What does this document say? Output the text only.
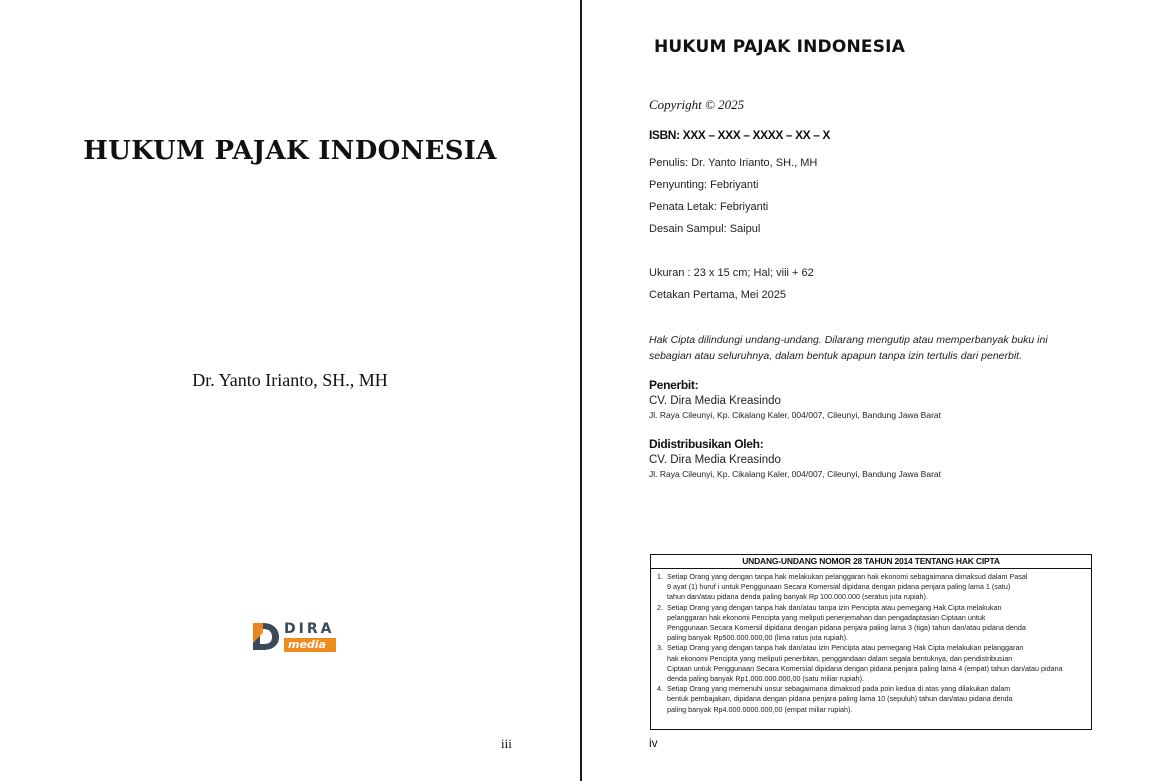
HUKUM PAJAK INDONESIA
Dr. Yanto Irianto, SH., MH
DIRA
media
iii
HUKUM PAJAK INDONESIA
Copyright © 2025
ISBN: XXX – XXX – XXXX – XX – X
Penulis: Dr. Yanto Irianto, SH., MH
Penyunting: Febriyanti
Penata Letak: Febriyanti
Desain Sampul: Saipul
Ukuran : 23 x 15 cm; Hal; viii + 62
Cetakan Pertama, Mei 2025
Hak Cipta dilindungi undang-undang. Dilarang mengutip atau memperbanyak buku ini
sebagian atau seluruhnya, dalam bentuk apapun tanpa izin tertulis dari penerbit.
Penerbit:
CV. Dira Media Kreasindo
Jl. Raya Cileunyi, Kp. Cikalang Kaler, 004/007, Cileunyi, Bandung Jawa Barat
Didistribusikan Oleh:
CV. Dira Media Kreasindo
Jl. Raya Cileunyi, Kp. Cikalang Kaler, 004/007, Cileunyi, Bandung Jawa Barat
UNDANG-UNDANG NOMOR 28 TAHUN 2014 TENTANG HAK CIPTA
1. Setiap Orang yang dengan tanpa hak melakukan pelanggaran hak ekonomi sebagaimana dimaksud dalam Pasal
9 ayat (1) huruf i untuk Penggunaan Secara Komersial dipidana dengan pidana penjara paling lama 1 (satu)
tahun dan/atau pidana denda paling banyak Rp 100.000.000 (seratus juta rupiah).
2. Setiap Orang yang dengan tanpa hak dan/atau tanpa izin Pencipta atau pemegang Hak Cipta melakukan
pelanggaran hak ekonomi Pencipta yang meliputi penerjemahan dan pengadaptasian Ciptaan untuk
Penggunaan Secara Komersil dipidana dengan pidana penjara paling lama 3 (tiga) tahun dan/atau pidana denda
paling banyak Rp500.000.000,00 (lima ratus juta rupiah).
3. Setiap Orang yang dengan tanpa hak dan/atau izin Pencipta atau pemegang Hak Cipta melakukan pelanggaran
hak ekonomi Pencipta yang meliputi penerbitan, penggandaan dalam segala bentuknya, dan pendistribusian
Ciptaan untuk Penggunaan Secara Komersial dipidana dengan pidana penjara paling lama 4 (empat) tahun dan/atau pidana
denda paling banyak Rp1.000.000.000,00 (satu miliar rupiah).
4. Setiap Orang yang memenuhi unsur sebagaimana dimaksud pada poin kedua di atas yang dilakukan dalam
bentuk pembajakan, dipidana dengan pidana penjara paling lama 10 (sepuluh) tahun dan/atau pidana denda
paling banyak Rp4.000.0000.000,00 (empat miliar rupiah).
iv
